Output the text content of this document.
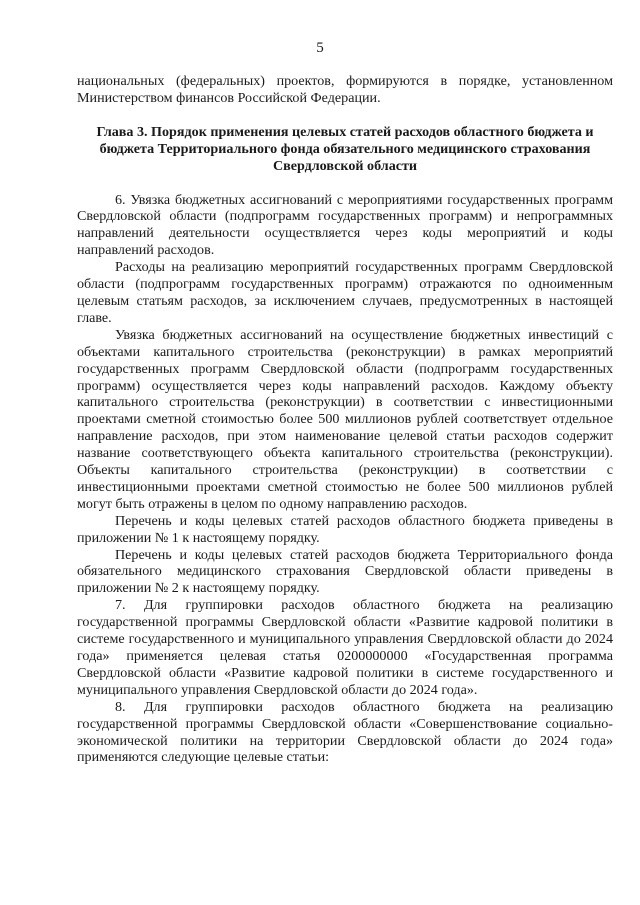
5

национальных (федеральных) проектов, формируются в порядке, установленном Министерством финансов Российской Федерации.

Глава 3. Порядок применения целевых статей расходов областного бюджета и бюджета Территориального фонда обязательного медицинского страхования Свердловской области

6. Увязка бюджетных ассигнований с мероприятиями государственных программ Свердловской области (подпрограмм государственных программ) и непрограммных направлений деятельности осуществляется через коды мероприятий и коды направлений расходов.

Расходы на реализацию мероприятий государственных программ Свердловской области (подпрограмм государственных программ) отражаются по одноименным целевым статьям расходов, за исключением случаев, предусмотренных в настоящей главе.

Увязка бюджетных ассигнований на осуществление бюджетных инвестиций с объектами капитального строительства (реконструкции) в рамках мероприятий государственных программ Свердловской области (подпрограмм государственных программ) осуществляется через коды направлений расходов. Каждому объекту капитального строительства (реконструкции) в соответствии с инвестиционными проектами сметной стоимостью более 500 миллионов рублей соответствует отдельное направление расходов, при этом наименование целевой статьи расходов содержит название соответствующего объекта капитального строительства (реконструкции). Объекты капитального строительства (реконструкции) в соответствии с инвестиционными проектами сметной стоимостью не более 500 миллионов рублей могут быть отражены в целом по одному направлению расходов.

Перечень и коды целевых статей расходов областного бюджета приведены в приложении № 1 к настоящему порядку.

Перечень и коды целевых статей расходов бюджета Территориального фонда обязательного медицинского страхования Свердловской области приведены в приложении № 2 к настоящему порядку.

7. Для группировки расходов областного бюджета на реализацию государственной программы Свердловской области «Развитие кадровой политики в системе государственного и муниципального управления Свердловской области до 2024 года» применяется целевая статья 0200000000 «Государственная программа Свердловской области «Развитие кадровой политики в системе государственного и муниципального управления Свердловской области до 2024 года».

8. Для группировки расходов областного бюджета на реализацию государственной программы Свердловской области «Совершенствование социально-экономической политики на территории Свердловской области до 2024 года» применяются следующие целевые статьи:
